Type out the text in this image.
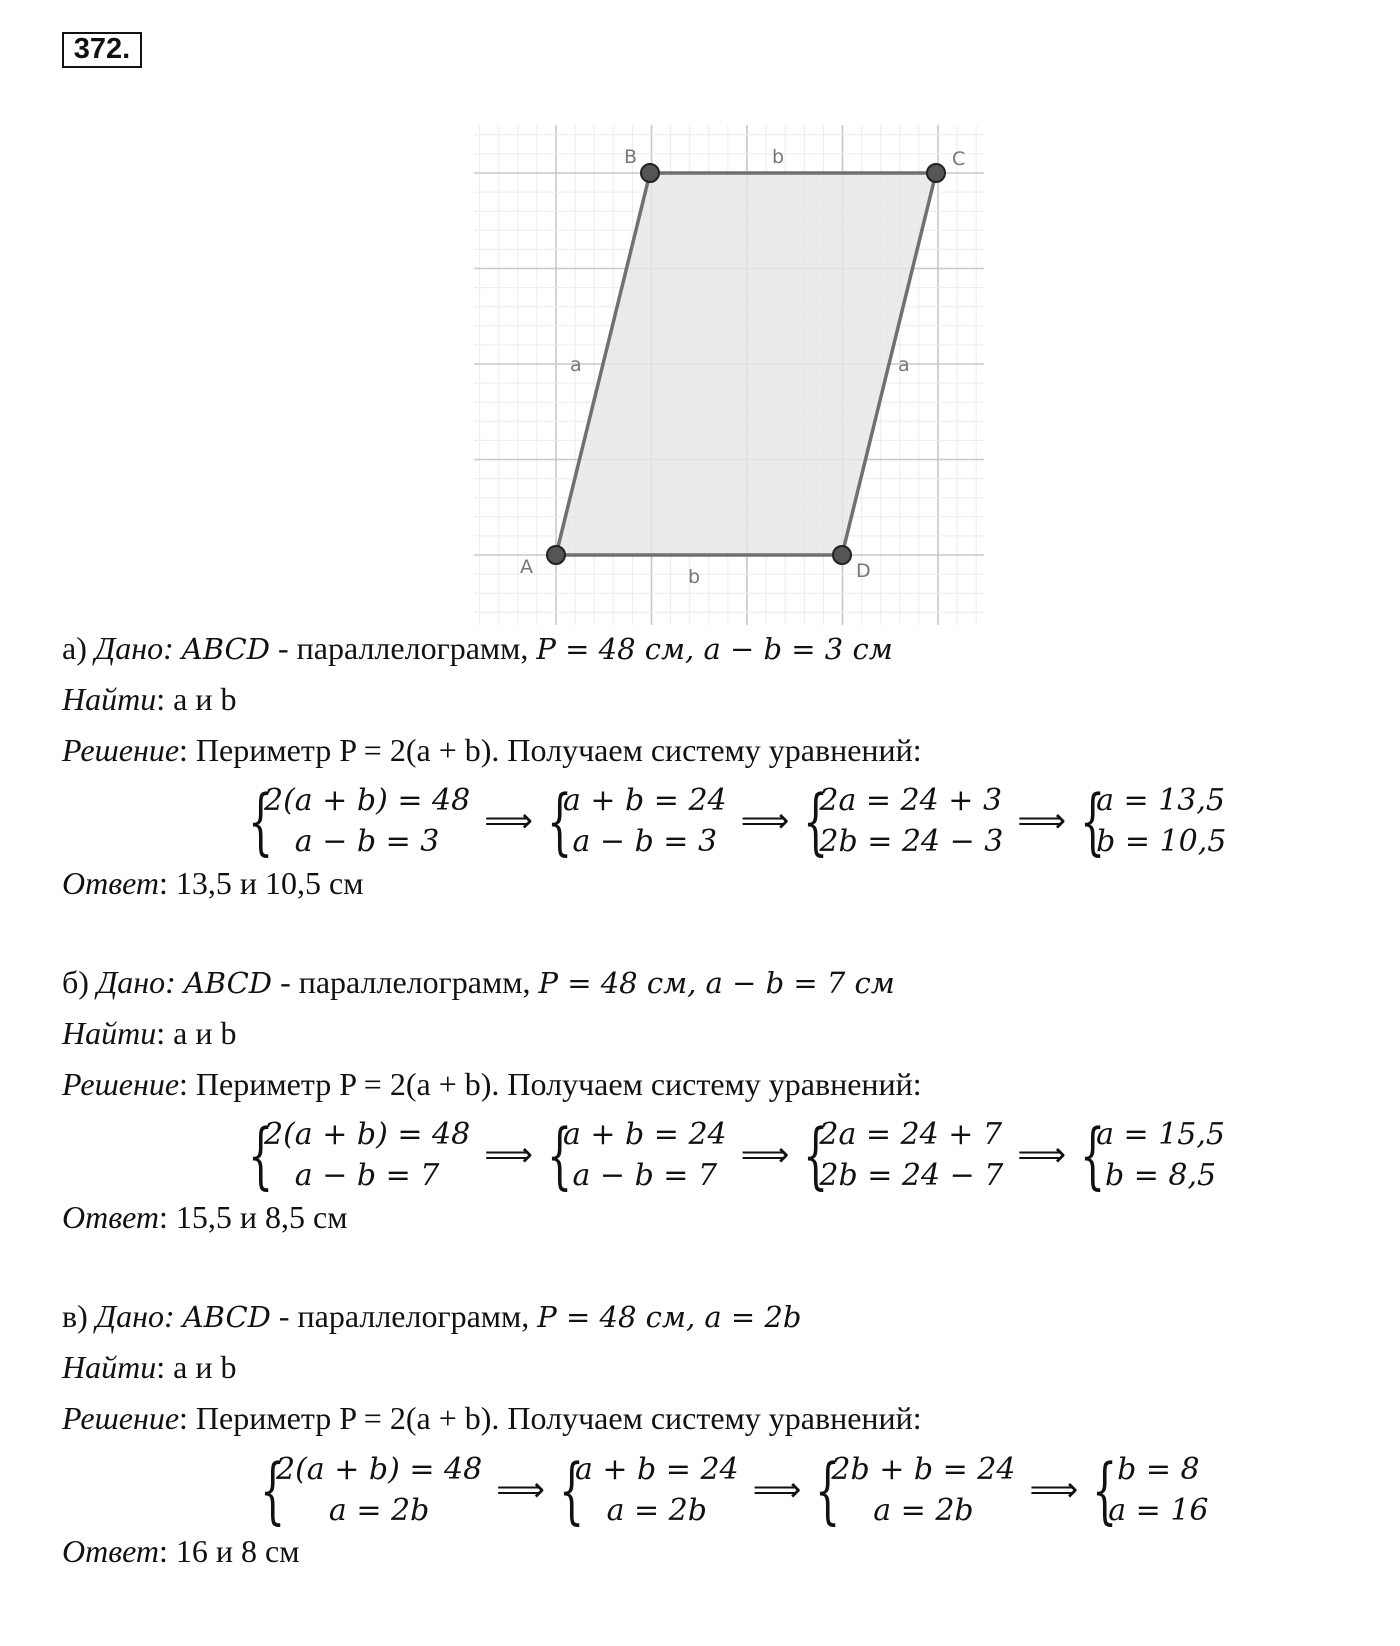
372.
A
B	C
D
b
b
a	a
а) Дано: ABCD - параллелограмм, P = 48 см, a − b = 3 см
Найти: a и b
Решение: Периметр P = 2(a + b). Получаем систему уравнений:
{
2(a + b) = 48
a − b = 3
⟹ {
a + b = 24
a − b = 3
⟹ {
2a = 24 + 3
2b = 24 − 3
⟹ {
a = 13,5
b = 10,5
Ответ: 13,5 и 10,5 см
б) Дано: ABCD - параллелограмм, P = 48 см, a − b = 7 см
Найти: a и b
Решение: Периметр P = 2(a + b). Получаем систему уравнений:
{
2(a + b) = 48
a − b = 7
⟹ {
a + b = 24
a − b = 7
⟹ {
2a = 24 + 7
2b = 24 − 7
⟹ {
a = 15,5
b = 8,5
Ответ: 15,5 и 8,5 см
в) Дано: ABCD - параллелограмм, P = 48 см, a = 2b
Найти: a и b
Решение: Периметр P = 2(a + b). Получаем систему уравнений:
{
2(a + b) = 48
a = 2b
⟹ {
a + b = 24
a = 2b
⟹ {
2b + b = 24
a = 2b
⟹ { b = 8
a = 16
Ответ: 16 и 8 см
